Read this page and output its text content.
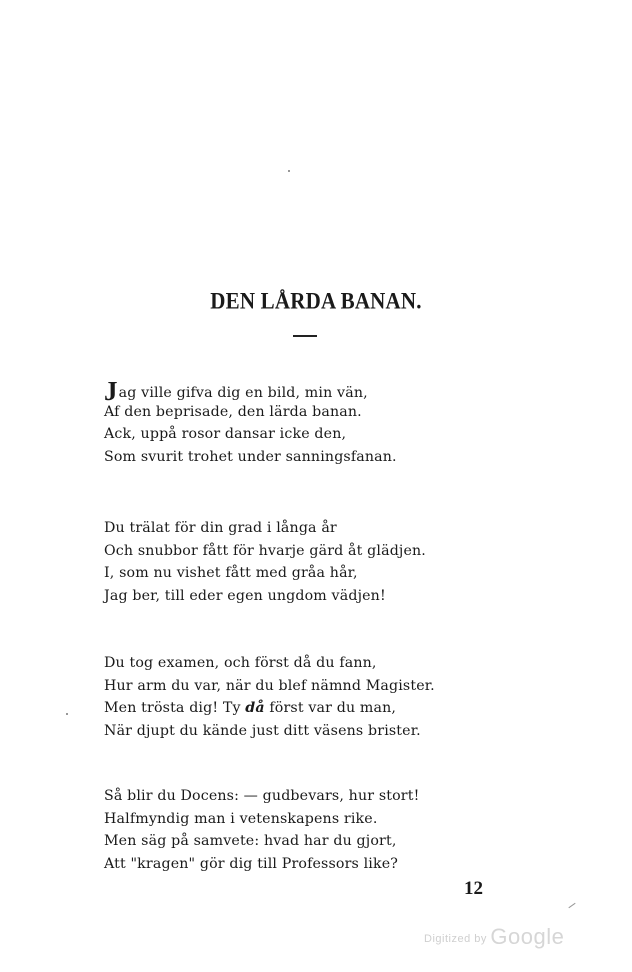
DEN LÅRDA BANAN.
Jag ville gifva dig en bild, min vän,
Af den beprisade, den lärda banan.
Ack, uppå rosor dansar icke den,
Som svurit trohet under sanningsfanan.
Du trälat för din grad i långa år
Och snubbor fått för hvarje gärd åt glädjen.
I, som nu vishet fått med gråa hår,
Jag ber, till eder egen ungdom vädjen!
Du tog examen, och först då du fann,
Hur arm du var, när du blef nämnd Magister.
Men trösta dig! Ty då först var du man,
När djupt du kände just ditt väsens brister.
Så blir du Docens: — gudbevars, hur stort!
Halfmyndig man i vetenskapens rike.
Men säg på samvete: hvad har du gjort,
Att "kragen" gör dig till Professors like?
12
Digitized by Google
